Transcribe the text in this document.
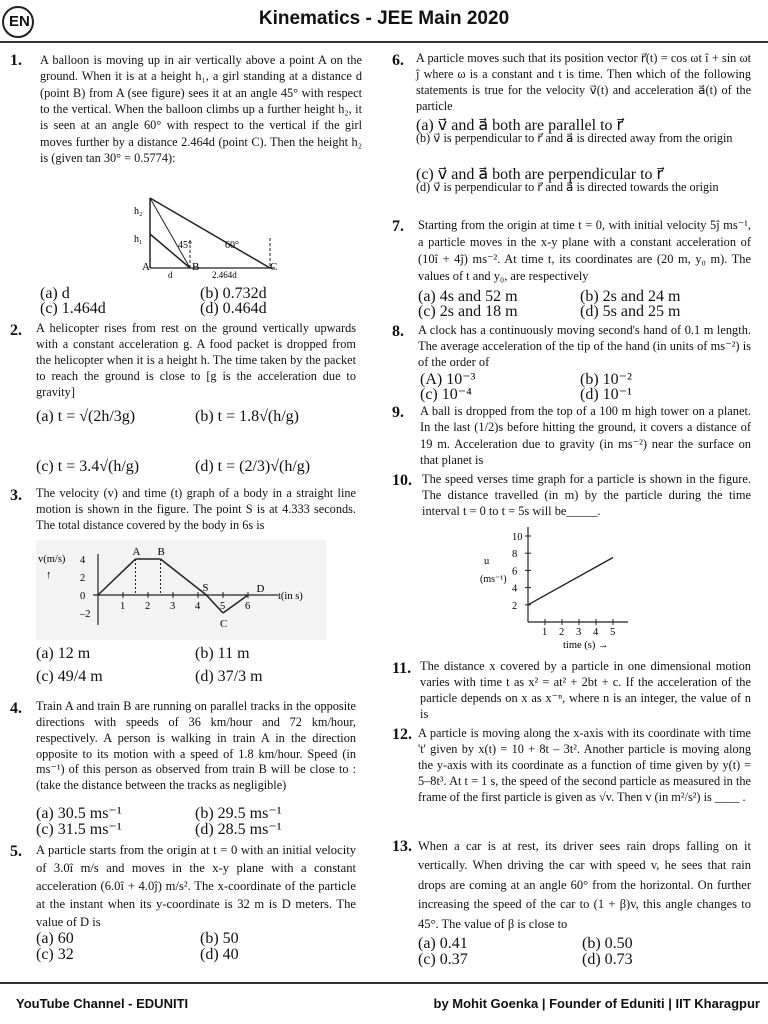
EN	Kinematics - JEE Main 2020
1. A balloon is moving up in air vertically above a point A on the ground. When it is at a height h₁, a girl standing at a distance d (point B) from A (see figure) sees it at an angle 45° with respect to the vertical. When the balloon climbs up a further height h₂, it is seen at an angle 60° with respect to the vertical if the girl moves further by a distance 2.464d (point C). Then the height h₂ is (given tan 30° = 0.5774):
h₂
h₁
45°	60°
A	B	C
d	2.464d
(a) d	(b) 0.732d
(c) 1.464d	(d) 0.464d
2. A helicopter rises from rest on the ground vertically upwards with a constant acceleration g. A food packet is dropped from the helicopter when it is a height h. The time taken by the packet to reach the ground is close to [g is the acceleration due to gravity]
(a) t = √(2h/3g)	(b) t = 1.8√(h/g)
(c) t = 3.4√(h/g)	(d) t = (2/3)√(h/g)
3. The velocity (v) and time (t) graph of a body in a straight line motion is shown in the figure. The point S is at 4.333 seconds. The total distance covered by the body in 6s is
v(m/s)
↑
t(in s)
4
2
0
–2
1 2 3 4 5 6
A B
S
C
D
(a) 12 m	(b) 11 m
(c) 49/4 m	(d) 37/3 m
4. Train A and train B are running on parallel tracks in the opposite directions with speeds of 36 km/hour and 72 km/hour, respectively. A person is walking in train A in the direction opposite to its motion with a speed of 1.8 km/hour. Speed (in ms⁻¹) of this person as observed from train B will be close to : (take the distance between the tracks as negligible)
(a) 30.5 ms⁻¹	(b) 29.5 ms⁻¹
(c) 31.5 ms⁻¹	(d) 28.5 ms⁻¹
5. A particle starts from the origin at t = 0 with an initial velocity of 3.0î m/s and moves in the x-y plane with a constant acceleration (6.0î + 4.0ĵ) m/s². The x-coordinate of the particle at the instant when its y-coordinate is 32 m is D meters. The value of D is
(a) 60	(b) 50
(c) 32	(d) 40
6. A particle moves such that its position vector r⃗(t) = cos ωt î + sin ωt ĵ where ω is a constant and t is time. Then which of the following statements is true for the velocity v⃗(t) and acceleration a⃗(t) of the particle
(a) v⃗ and a⃗ both are parallel to r⃗
(b) v⃗ is perpendicular to r⃗ and a⃗ is directed away from the origin
(c) v⃗ and a⃗ both are perpendicular to r⃗
(d) v⃗ is perpendicular to r⃗ and a⃗ is directed towards the origin
7. Starting from the origin at time t = 0, with initial velocity 5ĵ ms⁻¹, a particle moves in the x-y plane with a constant acceleration of (10î + 4ĵ) ms⁻². At time t, its coordinates are (20 m, y₀ m). The values of t and y₀, are respectively
(a) 4s and 52 m	(b) 2s and 24 m
(c) 2s and 18 m	(d) 5s and 25 m
8. A clock has a continuously moving second's hand of 0.1 m length. The average acceleration of the tip of the hand (in units of ms⁻²) is of the order of
(A) 10⁻³	(b) 10⁻²
(c) 10⁻⁴	(d) 10⁻¹
9. A ball is dropped from the top of a 100 m high tower on a planet. In the last (1/2)s before hitting the ground, it covers a distance of 19 m. Acceleration due to gravity (in ms⁻²) near the surface on that planet is
10. The speed verses time graph for a particle is shown in the figure. The distance travelled (in m) by the particle during the time interval t = 0 to t = 5s will be_____.
2
4
6
8
10
1 2 3 4 5
u
(ms⁻¹)
time (s) →
11. The distance x covered by a particle in one dimensional motion varies with time t as x² = at² + 2bt + c. If the acceleration of the particle depends on x as x⁻ⁿ, where n is an integer, the value of n is
12. A particle is moving along the x-axis with its coordinate with time 't' given by x(t) = 10 + 8t – 3t². Another particle is moving along the y-axis with its coordinate as a function of time given by y(t) = 5–8t³. At t = 1 s, the speed of the second particle as measured in the frame of the first particle is given as √v. Then v (in m²/s²) is ____ .
13. When a car is at rest, its driver sees rain drops falling on it vertically. When driving the car with speed v, he sees that rain drops are coming at an angle 60° from the horizontal. On further increasing the speed of the car to (1 + β)v, this angle changes to 45°. The value of β is close to
(a) 0.41	(b) 0.50
(c) 0.37	(d) 0.73
YouTube Channel - EDUNITI	by Mohit Goenka | Founder of Eduniti | IIT Kharagpur
